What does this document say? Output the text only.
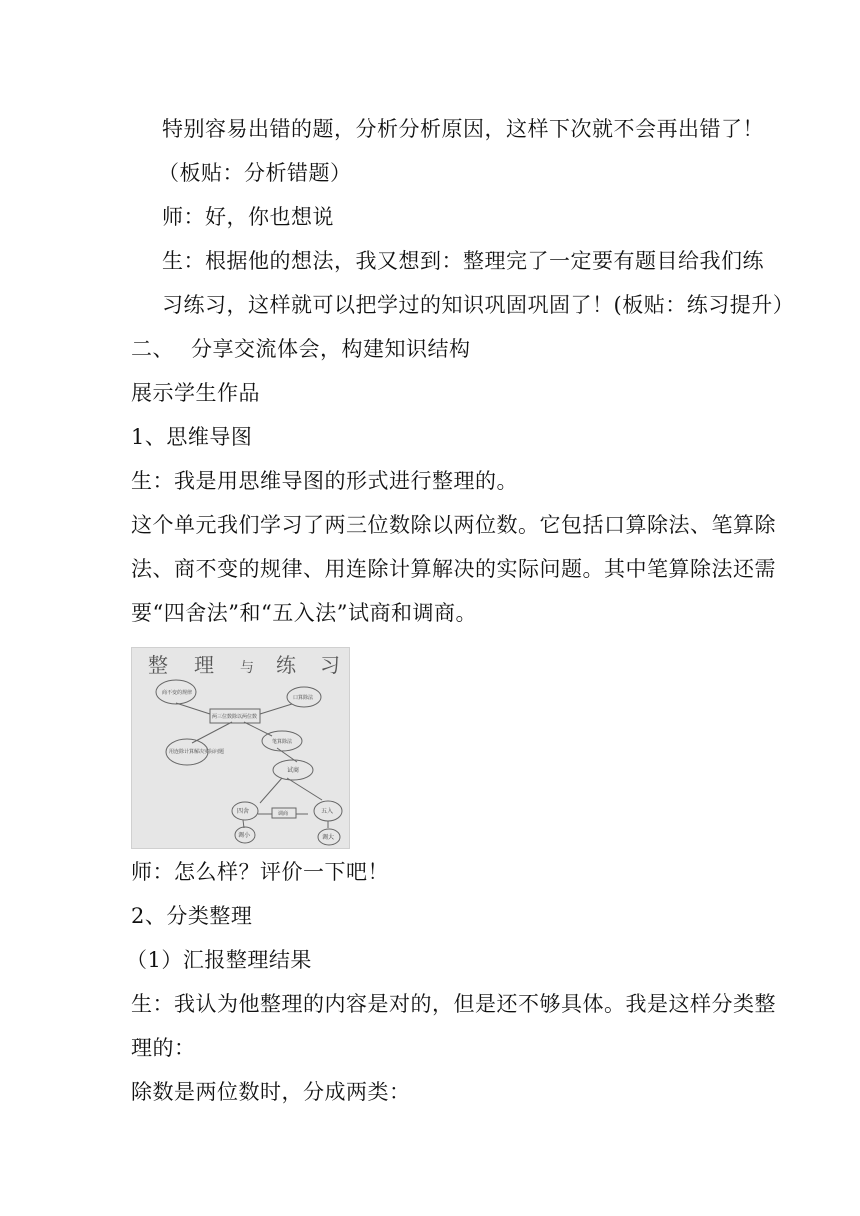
特别容易出错的题，分析分析原因，这样下次就不会再出错了！
（板贴：分析错题）
师：好，你也想说
生：根据他的想法，我又想到：整理完了一定要有题目给我们练
习练习，这样就可以把学过的知识巩固巩固了！(板贴：练习提升）
二、 分享交流体会，构建知识结构
展示学生作品
1、思维导图
生：我是用思维导图的形式进行整理的。
这个单元我们学习了两三位数除以两位数。它包括口算除法、笔算除
法、商不变的规律、用连除计算解决的实际问题。其中笔算除法还需
要“四舍法”和“五入法”试商和调商。
整 理 与 练 习
商不变的规律
口算除法
两三位数除以两位数
用连除计算解决实际问题
笔算除法
试商
四舍	调商	五入
调小	调大
师：怎么样？评价一下吧！
2、分类整理
（1）汇报整理结果
生：我认为他整理的内容是对的，但是还不够具体。我是这样分类整
理的：
除数是两位数时，分成两类：
